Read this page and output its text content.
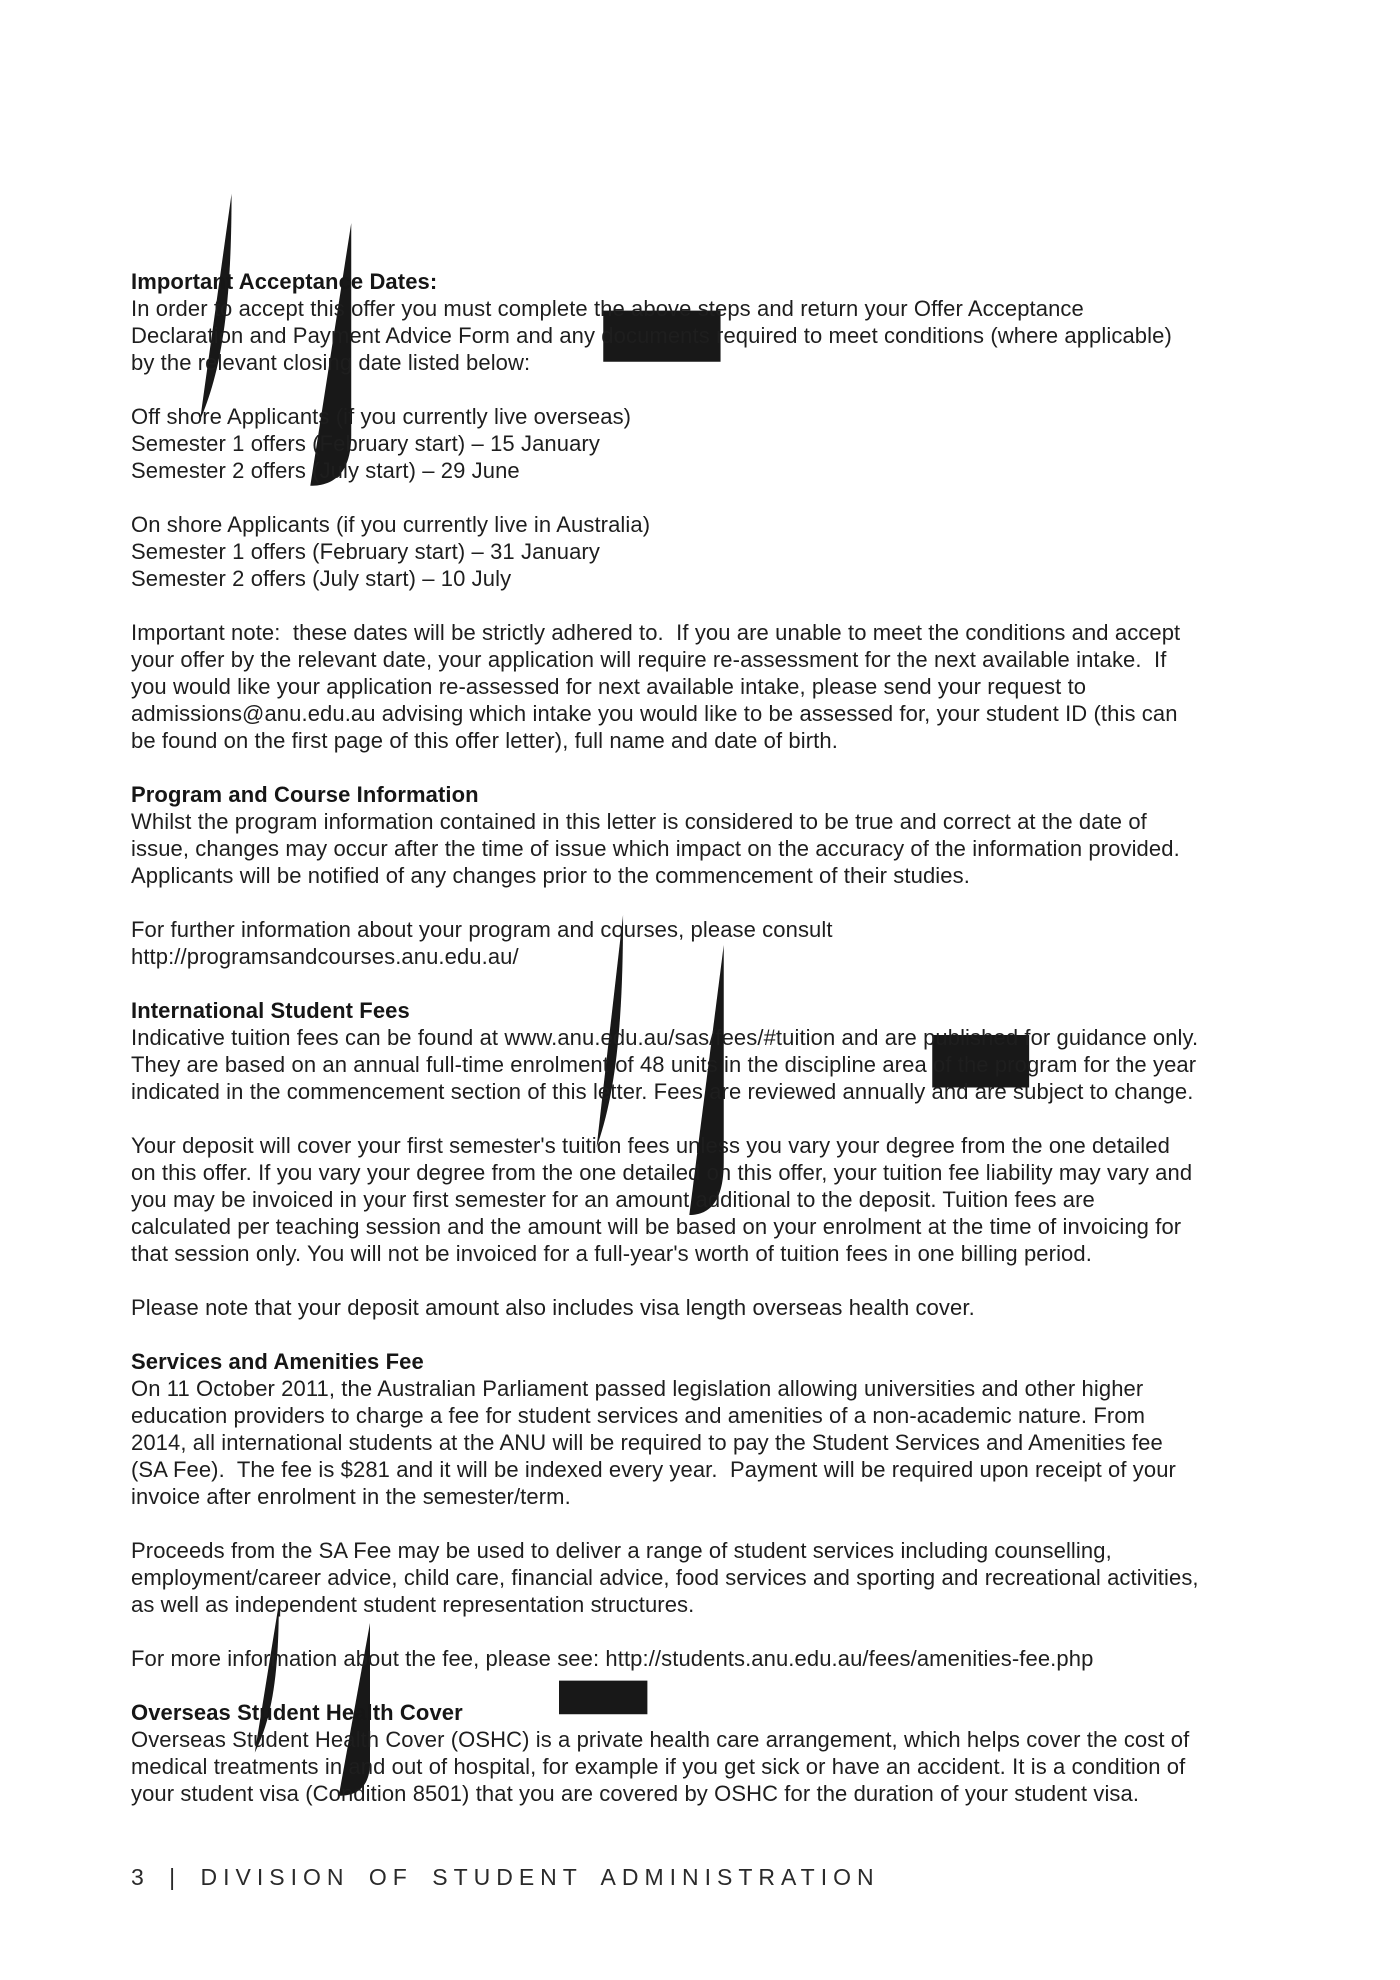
Important Acceptance Dates:
In order to accept this offer you must complete the above steps and return your Offer Acceptance
Declaration and Payment Advice Form and any documents required to meet conditions (where applicable)
by the relevant closing date listed below:
Off shore Applicants (if you currently live overseas)
Semester 1 offers (February start) – 15 January
Semester 2 offers (July start) – 29 June
On shore Applicants (if you currently live in Australia)
Semester 1 offers (February start) – 31 January
Semester 2 offers (July start) – 10 July
Important note:  these dates will be strictly adhered to.  If you are unable to meet the conditions and accept
your offer by the relevant date, your application will require re-assessment for the next available intake.  If
you would like your application re-assessed for next available intake, please send your request to
admissions@anu.edu.au advising which intake you would like to be assessed for, your student ID (this can
be found on the first page of this offer letter), full name and date of birth.
Program and Course Information
Whilst the program information contained in this letter is considered to be true and correct at the date of
issue, changes may occur after the time of issue which impact on the accuracy of the information provided.
Applicants will be notified of any changes prior to the commencement of their studies.
For further information about your program and courses, please consult
http://programsandcourses.anu.edu.au/
International Student Fees
Indicative tuition fees can be found at www.anu.edu.au/sas/fees/#tuition and are published for guidance only.
They are based on an annual full-time enrolment of 48 units in the discipline area of the program for the year
indicated in the commencement section of this letter. Fees are reviewed annually and are subject to change.
Your deposit will cover your first semester's tuition fees unless you vary your degree from the one detailed
on this offer. If you vary your degree from the one detailed on this offer, your tuition fee liability may vary and
you may be invoiced in your first semester for an amount additional to the deposit. Tuition fees are
calculated per teaching session and the amount will be based on your enrolment at the time of invoicing for
that session only. You will not be invoiced for a full-year's worth of tuition fees in one billing period.
Please note that your deposit amount also includes visa length overseas health cover.
Services and Amenities Fee
On 11 October 2011, the Australian Parliament passed legislation allowing universities and other higher
education providers to charge a fee for student services and amenities of a non-academic nature. From
2014, all international students at the ANU will be required to pay the Student Services and Amenities fee
(SA Fee).  The fee is $281 and it will be indexed every year.  Payment will be required upon receipt of your
invoice after enrolment in the semester/term.
Proceeds from the SA Fee may be used to deliver a range of student services including counselling,
employment/career advice, child care, financial advice, food services and sporting and recreational activities,
as well as independent student representation structures.
For more information about the fee, please see: http://students.anu.edu.au/fees/amenities-fee.php
Overseas Student Health Cover
Overseas Student Health Cover (OSHC) is a private health care arrangement, which helps cover the cost of
medical treatments in and out of hospital, for example if you get sick or have an accident. It is a condition of
your student visa (Condition 8501) that you are covered by OSHC for the duration of your student visa.
3 | DIVISION OF STUDENT ADMINISTRATION
